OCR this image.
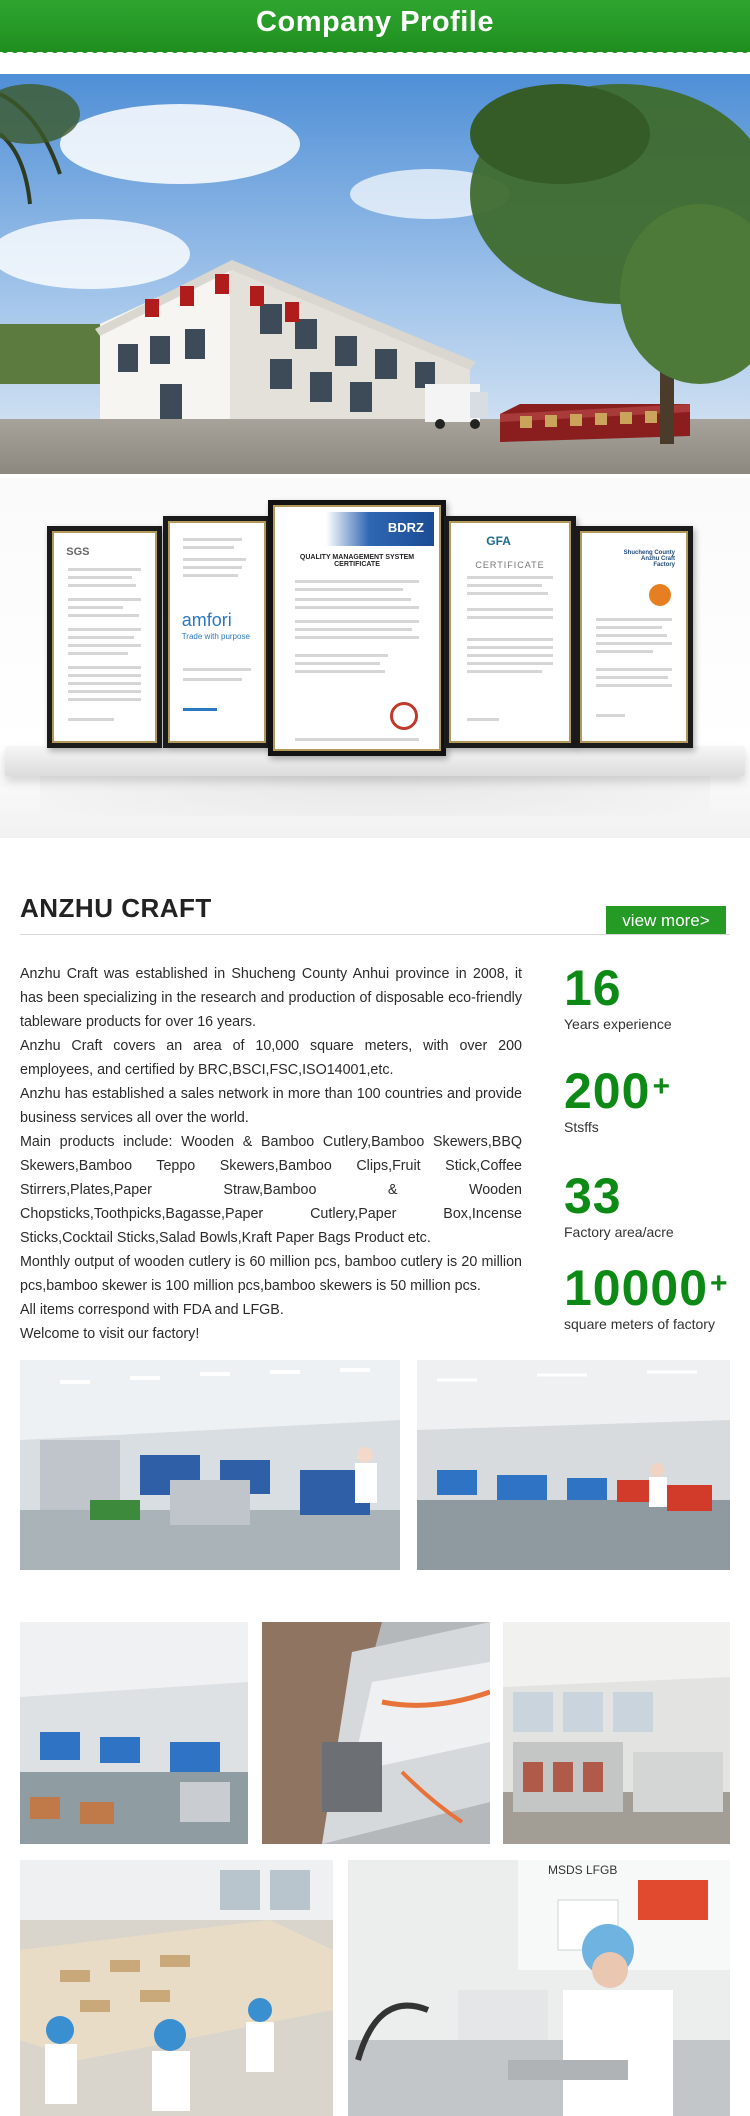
Company Profile
SGS
amfori
Trade with purpose
BDRZ
QUALITY MANAGEMENT SYSTEM CERTIFICATE
GFA
CERTIFICATE
Shucheng County Anzhu Craft Factory
ANZHU CRAFT	view more>

Anzhu Craft was established in Shucheng County Anhui province in 2008, it has been specializing in the research and production of disposable eco-friendly tableware products for over 16 years.

Anzhu Craft covers an area of 10,000 square meters, with over 200 employees, and certified by BRC,BSCI,FSC,ISO14001,etc.

Anzhu has established a sales network in more than 100 countries and provide business services all over the world.

Main products include: Wooden & Bamboo Cutlery,Bamboo Skewers,BBQ Skewers,Bamboo Teppo Skewers,Bamboo Clips,Fruit Stick,Coffee Stirrers,Plates,Paper Straw,Bamboo & Wooden Chopsticks,Toothpicks,Bagasse,Paper Cutlery,Paper Box,Incense Sticks,Cocktail Sticks,Salad Bowls,Kraft Paper Bags Product etc.

Monthly output of wooden cutlery is 60 million pcs, bamboo cutlery is 20 million pcs,bamboo skewer is 100 million pcs,bamboo skewers is 50 million pcs.

All items correspond with FDA and LFGB.

Welcome to visit our factory!

16
Years experience
200+
Stsffs
33
Factory area/acre
10000+
square meters of factory
MSDS LFGB
